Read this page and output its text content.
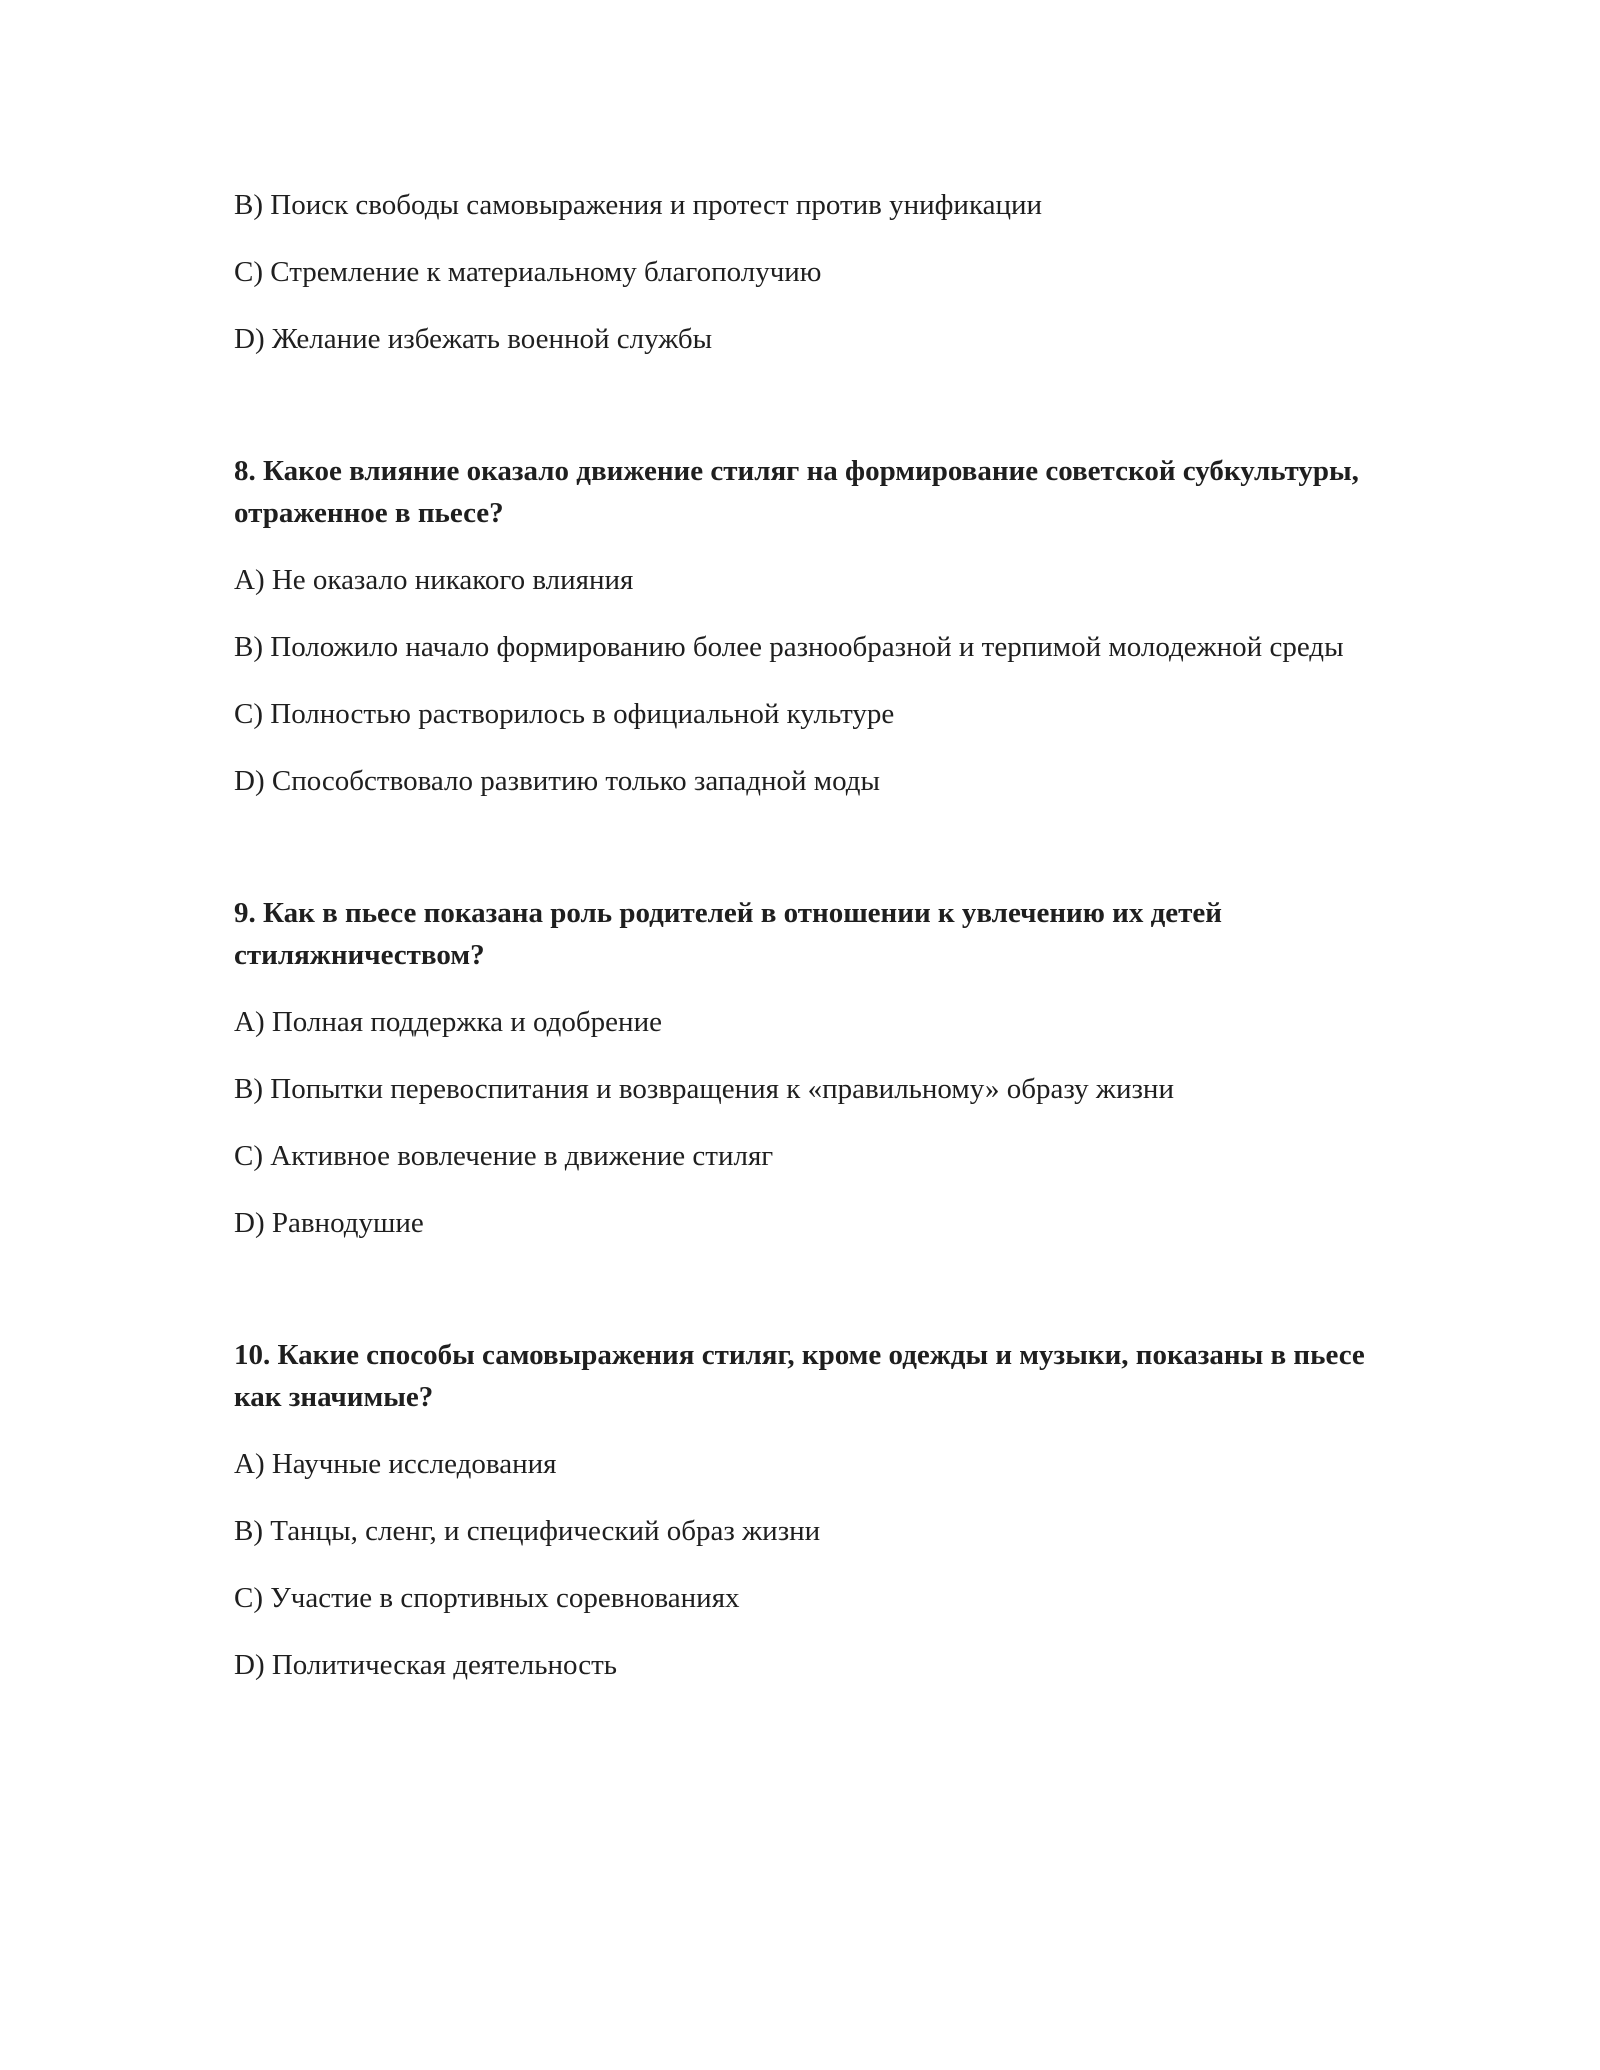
B) Поиск свободы самовыражения и протест против унификации

C) Стремление к материальному благополучию

D) Желание избежать военной службы

8. Какое влияние оказало движение стиляг на формирование советской субкультуры, отраженное в пьесе?

A) Не оказало никакого влияния

B) Положило начало формированию более разнообразной и терпимой молодежной среды

C) Полностью растворилось в официальной культуре

D) Способствовало развитию только западной моды

9. Как в пьесе показана роль родителей в отношении к увлечению их детей стиляжничеством?

A) Полная поддержка и одобрение

B) Попытки перевоспитания и возвращения к «правильному» образу жизни

C) Активное вовлечение в движение стиляг

D) Равнодушие

10. Какие способы самовыражения стиляг, кроме одежды и музыки, показаны в пьесе как значимые?

A) Научные исследования

B) Танцы, сленг, и специфический образ жизни

C) Участие в спортивных соревнованиях

D) Политическая деятельность
